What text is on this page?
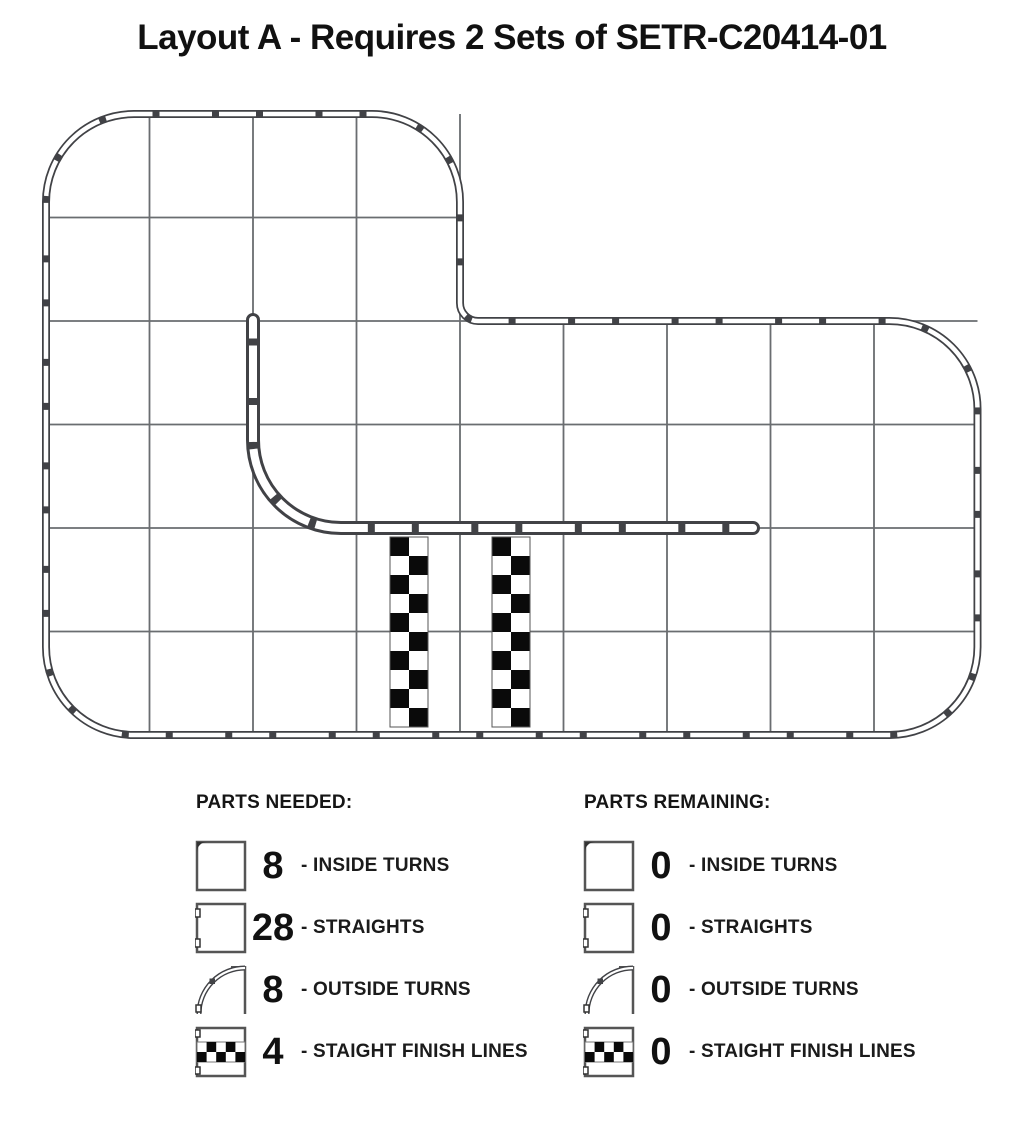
Layout A - Requires 2 Sets of SETR-C20414-01
PARTS NEEDED:
8 - INSIDE TURNS
28 - STRAIGHTS
8 - OUTSIDE TURNS
4 - STAIGHT FINISH LINES
PARTS REMAINING:
0 - INSIDE TURNS
0 - STRAIGHTS
0 - OUTSIDE TURNS
0 - STAIGHT FINISH LINES
